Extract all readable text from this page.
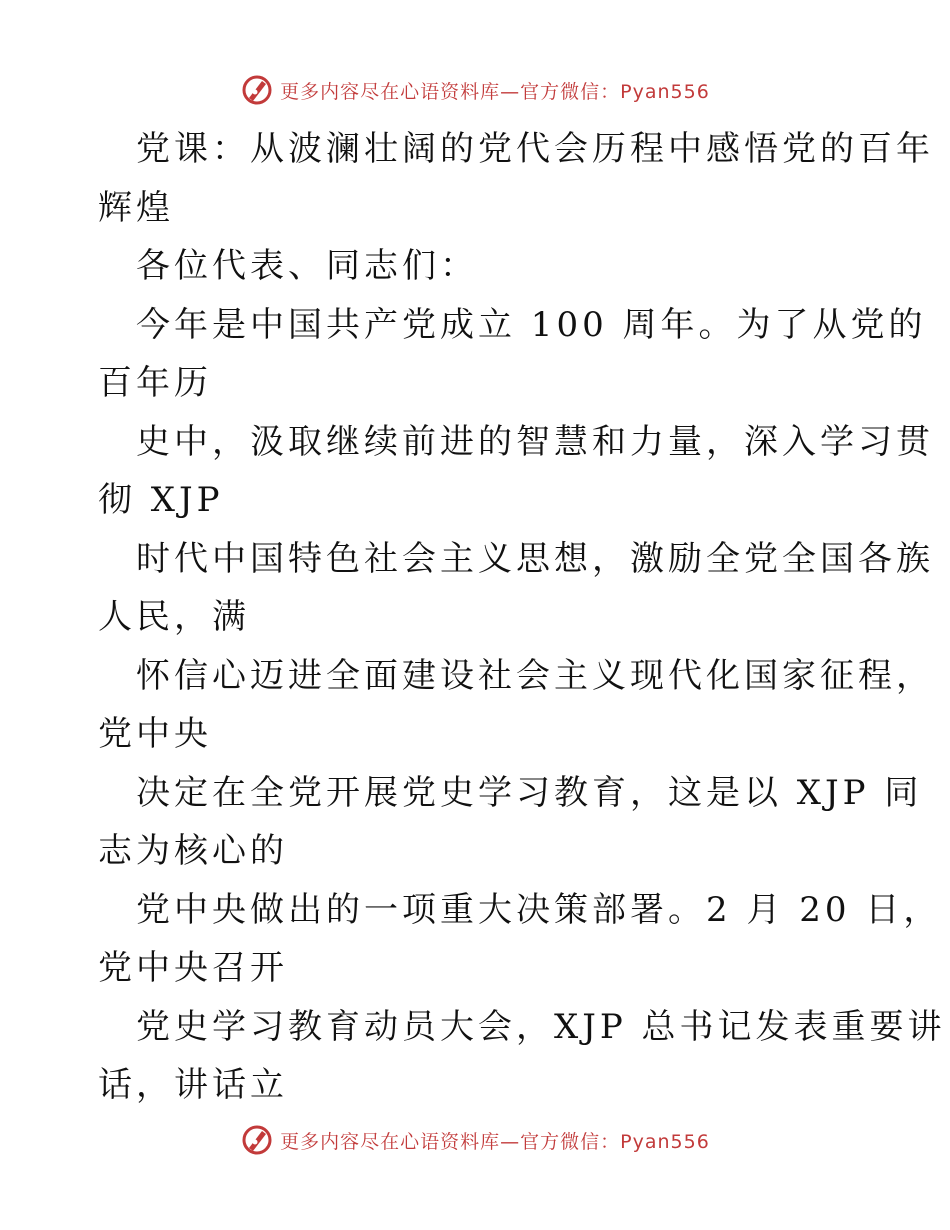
更多内容尽在心语资料库—官方微信：Pyan556
党课：从波澜壮阔的党代会历程中感悟党的百年
辉煌
各位代表、同志们：
今年是中国共产党成立 100 周年。为了从党的
百年历
史中，汲取继续前进的智慧和力量，深入学习贯
彻 XJP
时代中国特色社会主义思想，激励全党全国各族
人民，满
怀信心迈进全面建设社会主义现代化国家征程，
党中央
决定在全党开展党史学习教育，这是以 XJP 同
志为核心的
党中央做出的一项重大决策部署。2 月 20 日，
党中央召开
党史学习教育动员大会，XJP 总书记发表重要讲
话，讲话立
更多内容尽在心语资料库—官方微信：Pyan556
